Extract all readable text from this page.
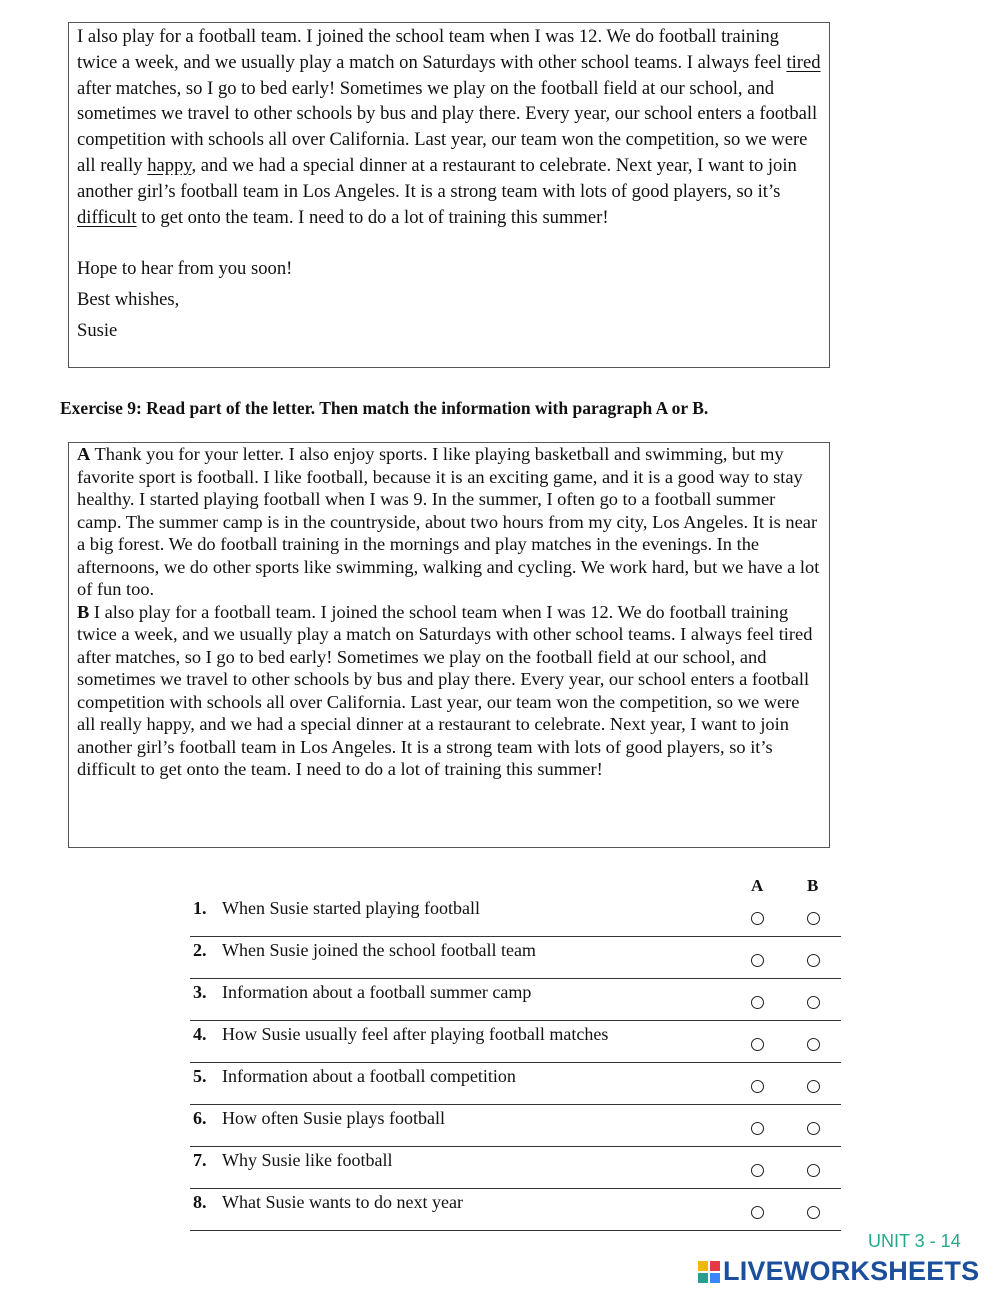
I also play for a football team. I joined the school team when I was 12. We do football training twice a week, and we usually play a match on Saturdays with other school teams. I always feel tired after matches, so I go to bed early! Sometimes we play on the football field at our school, and sometimes we travel to other schools by bus and play there. Every year, our school enters a football competition with schools all over California. Last year, our team won the competition, so we were all really happy, and we had a special dinner at a restaurant to celebrate. Next year, I want to join another girl’s football team in Los Angeles. It is a strong team with lots of good players, so it’s difficult to get onto the team. I need to do a lot of training this summer!

Hope to hear from you soon!

Best whishes,

Susie

Exercise 9: Read part of the letter. Then match the information with paragraph A or B.

A Thank you for your letter. I also enjoy sports. I like playing basketball and swimming, but my favorite sport is football. I like football, because it is an exciting game, and it is a good way to stay healthy. I started playing football when I was 9. In the summer, I often go to a football summer camp. The summer camp is in the countryside, about two hours from my city, Los Angeles. It is near a big forest. We do football training in the mornings and play matches in the evenings. In the afternoons, we do other sports like swimming, walking and cycling. We work hard, but we have a lot of fun too.

B I also play for a football team. I joined the school team when I was 12. We do football training twice a week, and we usually play a match on Saturdays with other school teams. I always feel tired after matches, so I go to bed early! Sometimes we play on the football field at our school, and sometimes we travel to other schools by bus and play there. Every year, our school enters a football competition with schools all over California. Last year, our team won the competition, so we were all really happy, and we had a special dinner at a restaurant to celebrate. Next year, I want to join another girl’s football team in Los Angeles. It is a strong team with lots of good players, so it’s difficult to get onto the team. I need to do a lot of training this summer!

A	B
1. When Susie started playing football
2. When Susie joined the school football team
3. Information about a football summer camp
4. How Susie usually feel after playing football matches
5. Information about a football competition
6. How often Susie plays football
7. Why Susie like football
8. What Susie wants to do next year
UNIT 3 - 14
LIVEWORKSHEETS
